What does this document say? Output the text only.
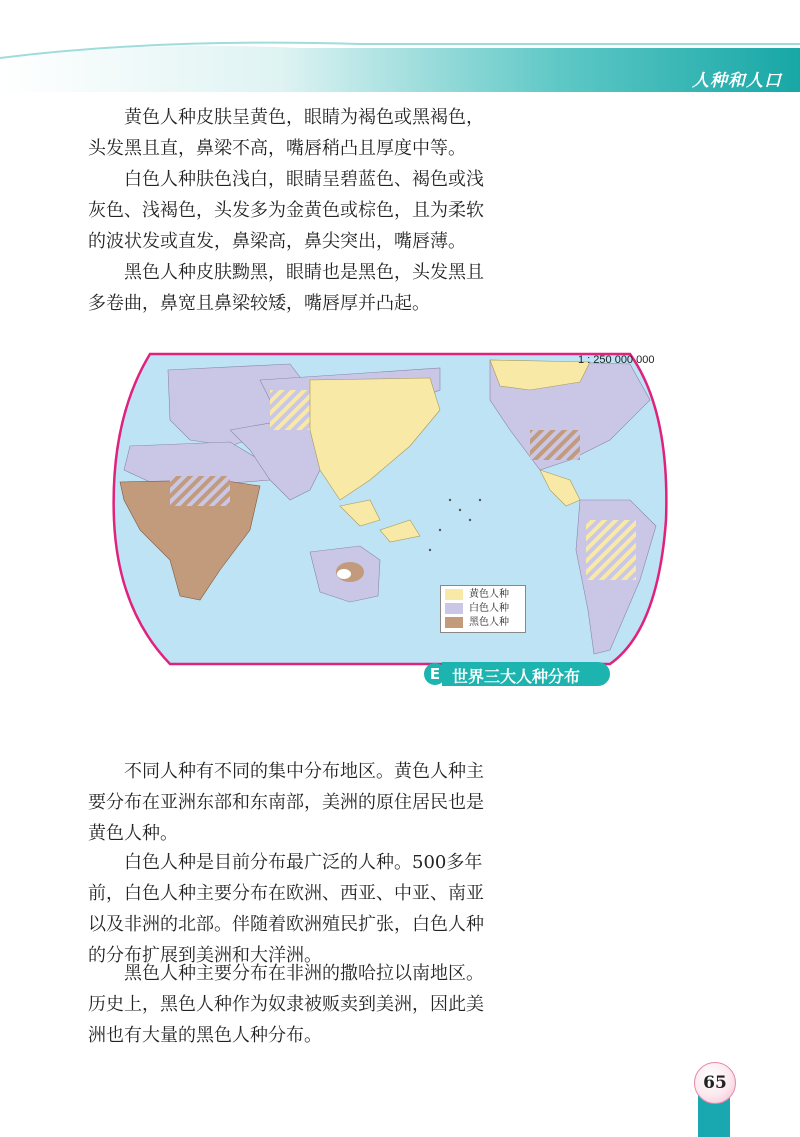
人种和人口

黄色人种皮肤呈黄色，眼睛为褐色或黑褐色，头发黑且直，鼻梁不高，嘴唇稍凸且厚度中等。

白色人种肤色浅白，眼睛呈碧蓝色、褐色或浅灰色、浅褐色，头发多为金黄色或棕色，且为柔软的波状发或直发，鼻梁高，鼻尖突出，嘴唇薄。

黑色人种皮肤黝黑，眼睛也是黑色，头发黑且多卷曲，鼻宽且鼻梁较矮，嘴唇厚并凸起。

1 : 250 000 000
黄色人种
白色人种
黑色人种
E 世界三大人种分布

不同人种有不同的集中分布地区。黄色人种主要分布在亚洲东部和东南部，美洲的原住居民也是黄色人种。

白色人种是目前分布最广泛的人种。500多年前，白色人种主要分布在欧洲、西亚、中亚、南亚以及非洲的北部。伴随着欧洲殖民扩张，白色人种的分布扩展到美洲和大洋洲。

黑色人种主要分布在非洲的撒哈拉以南地区。历史上，黑色人种作为奴隶被贩卖到美洲，因此美洲也有大量的黑色人种分布。

65
